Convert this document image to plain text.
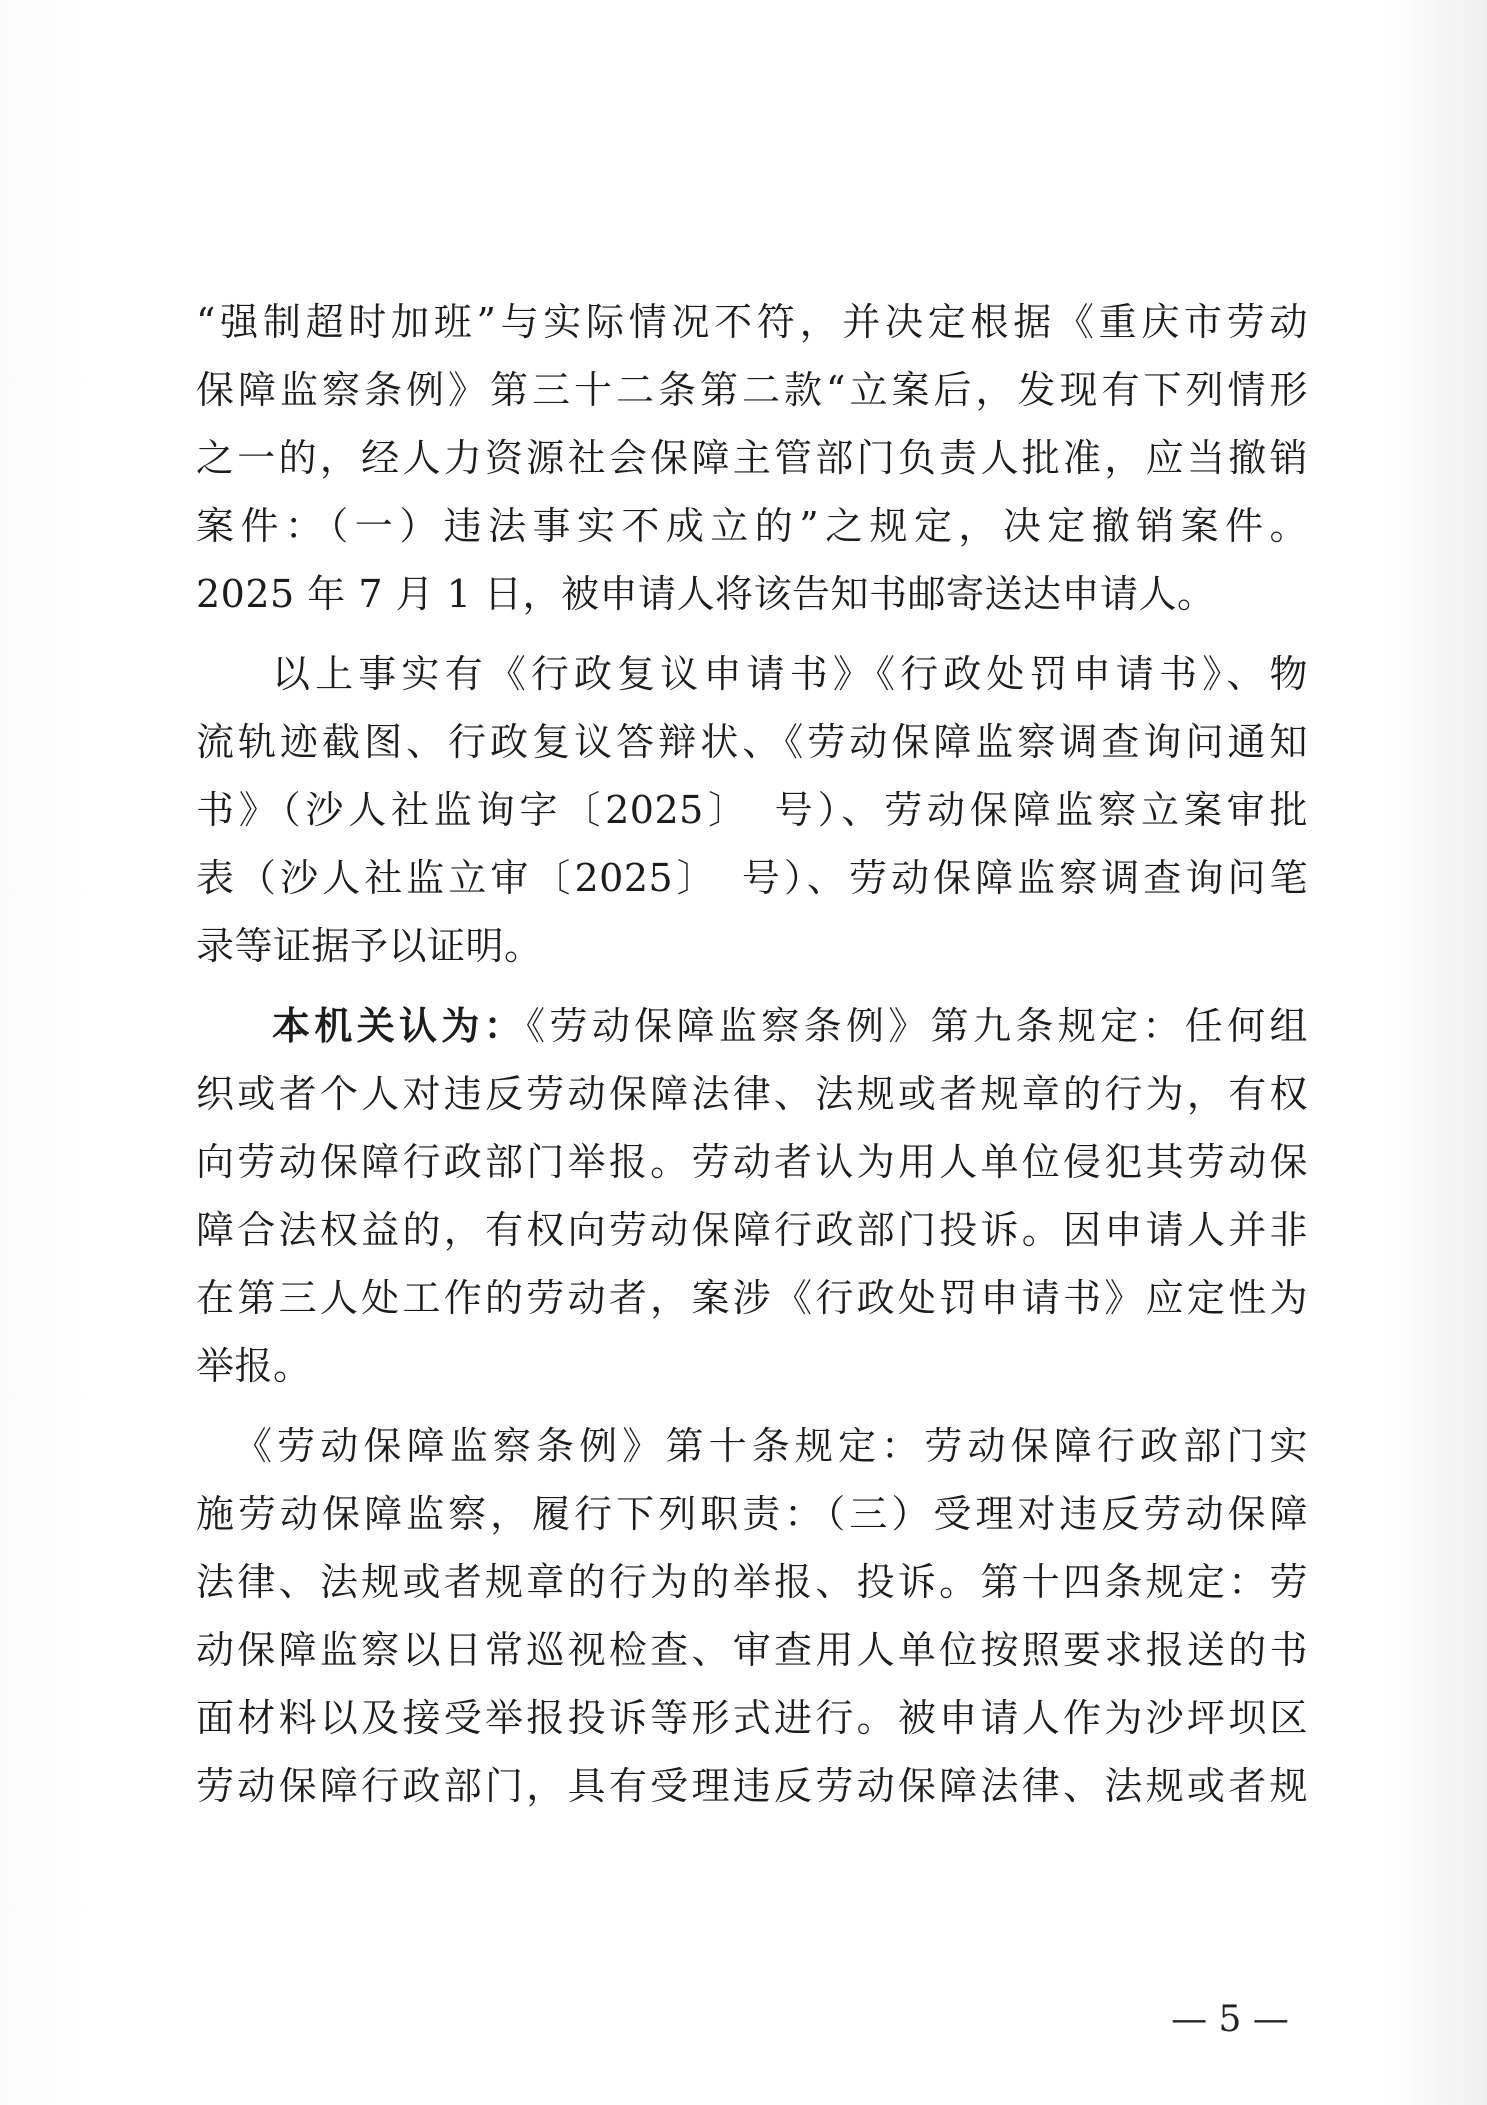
“强制超时加班”与实际情况不符，并决定根据《重庆市劳动
保障监察条例》第三十二条第二款“立案后，发现有下列情形
之一的，经人力资源社会保障主管部门负责人批准，应当撤销
案件：（一）违法事实不成立的”之规定，决定撤销案件。
2025 年 7 月 1 日，被申请人将该告知书邮寄送达申请人。
以上事实有《行政复议申请书》《行政处罚申请书》、物
流轨迹截图、行政复议答辩状、《劳动保障监察调查询问通知
书》（沙人社监询字〔2025〕　号）、劳动保障监察立案审批
表（沙人社监立审〔2025〕　号）、劳动保障监察调查询问笔
录等证据予以证明。
本机关认为：《劳动保障监察条例》第九条规定：任何组
织或者个人对违反劳动保障法律、法规或者规章的行为，有权
向劳动保障行政部门举报。劳动者认为用人单位侵犯其劳动保
障合法权益的，有权向劳动保障行政部门投诉。因申请人并非
在第三人处工作的劳动者，案涉《行政处罚申请书》应定性为
举报。
《劳动保障监察条例》第十条规定：劳动保障行政部门实
施劳动保障监察，履行下列职责：（三）受理对违反劳动保障
法律、法规或者规章的行为的举报、投诉。第十四条规定：劳
动保障监察以日常巡视检查、审查用人单位按照要求报送的书
面材料以及接受举报投诉等形式进行。被申请人作为沙坪坝区
劳动保障行政部门，具有受理违反劳动保障法律、法规或者规
— 5 —
